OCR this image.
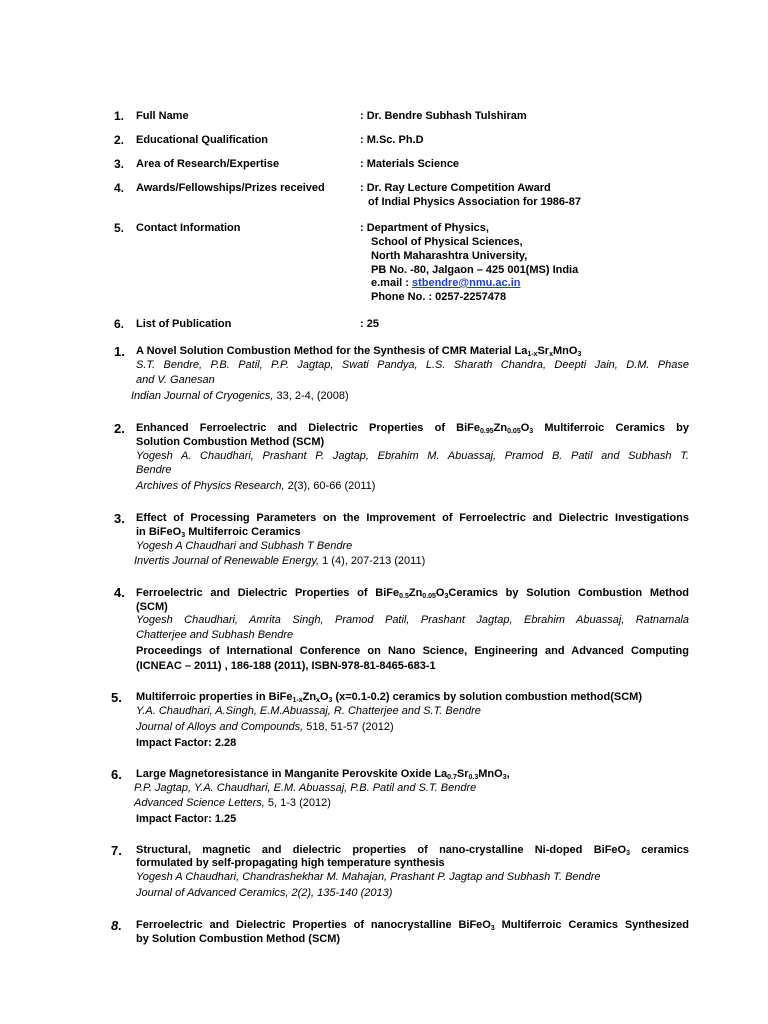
1. Full Name	: Dr. Bendre Subhash Tulshiram
2. Educational Qualification	: M.Sc. Ph.D
3. Area of Research/Expertise	: Materials Science
4. Awards/Fellowships/Prizes received	: Dr. Ray Lecture Competition Award
of Indial Physics Association for 1986-87
5. Contact Information	: Department of Physics,
School of Physical Sciences,
North Maharashtra University,
PB No. -80, Jalgaon – 425 001(MS) India
e.mail : stbendre@nmu.ac.in
Phone No. : 0257-2257478
6. List of Publication	: 25
1. A Novel Solution Combustion Method for the Synthesis of CMR Material $La_{1-x}Sr_xMnO_3$
S.T. Bendre, P.B. Patil, P.P. Jagtap, Swati Pandya, L.S. Sharath Chandra, Deepti Jain, D.M. Phase
and V. Ganesan
Indian Journal of Cryogenics, 33, 2-4, (2008)
2. Enhanced Ferroelectric and Dielectric Properties of $BiFe_{0.95}Zn_{0.05}O_3$ Multiferroic Ceramics by
Solution Combustion Method (SCM)
Yogesh A. Chaudhari, Prashant P. Jagtap, Ebrahim M. Abuassaj, Pramod B. Patil and Subhash T.
Bendre
Archives of Physics Research, 2(3), 60-66 (2011)
3. Effect of Processing Parameters on the Improvement of Ferroelectric and Dielectric Investigations
in BiFeO$_3$ Multiferroic Ceramics
Yogesh A Chaudhari and Subhash T Bendre
Invertis Journal of Renewable Energy, 1 (4), 207-213 (2011)
4. Ferroelectric and Dielectric Properties of $BiFe_{0.5}Zn_{0.05}O_3Ceramics$ by Solution Combustion Method
(SCM)
Yogesh Chaudhari, Amrita Singh, Pramod Patil, Prashant Jagtap, Ebrahim Abuassaj, Ratnamala
Chatterjee and Subhash Bendre
Proceedings of International Conference on Nano Science, Engineering and Advanced Computing
(ICNEAC – 2011) , 186-188 (2011), ISBN-978-81-8465-683-1
5. Multiferroic properties in $BiFe_{1-x}Zn_xO_3$ (x=0.1-0.2) ceramics by solution combustion method(SCM)
Y.A. Chaudhari, A.Singh, E.M.Abuassaj, R. Chatterjee and S.T. Bendre
Journal of Alloys and Compounds, 518, 51-57 (2012)
Impact Factor: 2.28
6. Large Magnetoresistance in Manganite Perovskite Oxide $La_{0.7}Sr_{0.3}MnO_3$,
P.P. Jagtap, Y.A. Chaudhari, E.M. Abuassaj, P.B. Patil and S.T. Bendre
Advanced Science Letters, 5, 1-3 (2012)
Impact Factor: 1.25
7. Structural, magnetic and dielectric properties of nano-crystalline Ni-doped BiFeO$_3$ ceramics
formulated by self-propagating high temperature synthesis
Yogesh A Chaudhari, Chandrashekhar M. Mahajan, Prashant P. Jagtap and Subhash T. Bendre
Journal of Advanced Ceramics, 2(2), 135-140 (2013)
8. Ferroelectric and Dielectric Properties of nanocrystalline BiFeO$_3$ Multiferroic Ceramics Synthesized
by Solution Combustion Method (SCM)
